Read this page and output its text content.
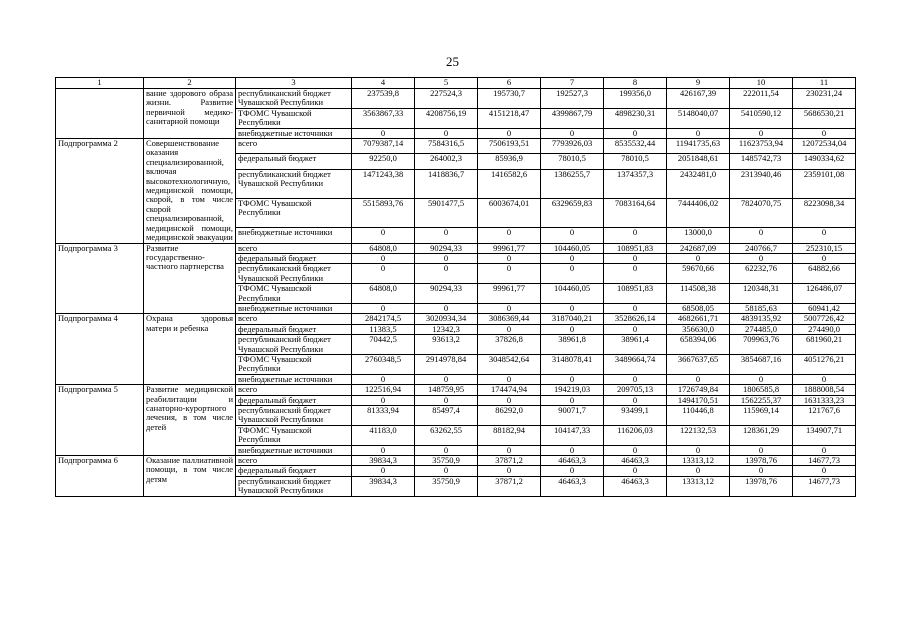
25
1	2	3	4	5	6	7	8	9	10	11
	вание здорового образа жизни. Развитие первичной медико-санитарной помощи	республиканский бюджет Чувашской Республики	237539,8	227524,3	195730,7	192527,3	199356,0	426167,39	222011,54	230231,24
		ТФОМС Чувашской Республики	3563867,33	4208756,19	4151218,47	4399867,79	4898230,31	5148040,07	5410590,12	5686530,21
		внебюджетные источники	0	0	0	0	0	0	0	0
Подпрограмма 2	Совершенствование оказания специализированной, включая высокотехнологичную, медицинской помощи, скорой, в том числе скорой специализированной, медицинской помощи, медицинской эвакуации	всего	7079387,14	7584316,5	7506193,51	7793926,03	8535532,44	11941735,63	11623753,94	12072534,04
		федеральный бюджет	92250,0	264002,3	85936,9	78010,5	78010,5	2051848,61	1485742,73	1490334,62
		республиканский бюджет Чувашской Республики	1471243,38	1418836,7	1416582,6	1386255,7	1374357,3	2432481,0	2313940,46	2359101,08
		ТФОМС Чувашской Республики	5515893,76	5901477,5	6003674,01	6329659,83	7083164,64	7444406,02	7824070,75	8223098,34
		внебюджетные источники	0	0	0	0	0	13000,0	0	0
Подпрограмма 3	Развитие государственно-частного партнерства	всего	64808,0	90294,33	99961,77	104460,05	108951,83	242687,09	240766,7	252310,15
		федеральный бюджет	0	0	0	0	0	0	0	0
		республиканский бюджет Чувашской Республики	0	0	0	0	0	59670,66	62232,76	64882,66
		ТФОМС Чувашской Республики	64808,0	90294,33	99961,77	104460,05	108951,83	114508,38	120348,31	126486,07
		внебюджетные источники	0	0	0	0	0	68508,05	58185,63	60941,42
Подпрограмма 4	Охрана здоровья матери и ребенка	всего	2842174,5	3020934,34	3086369,44	3187040,21	3528626,14	4682661,71	4839135,92	5007726,42
		федеральный бюджет	11383,5	12342,3	0	0	0	356630,0	274485,0	274490,0
		республиканский бюджет Чувашской Республики	70442,5	93613,2	37826,8	38961,8	38961,4	658394,06	709963,76	681960,21
		ТФОМС Чувашской Республики	2760348,5	2914978,84	3048542,64	3148078,41	3489664,74	3667637,65	3854687,16	4051276,21
		внебюджетные источники	0	0	0	0	0	0	0	0
Подпрограмма 5	Развитие медицинской реабилитации и санаторно-курортного лечения, в том числе детей	всего	122516,94	148759,95	174474,94	194219,03	209705,13	1726749,84	1806585,8	1888008,54
		федеральный бюджет	0	0	0	0	0	1494170,51	1562255,37	1631333,23
		республиканский бюджет Чувашской Республики	81333,94	85497,4	86292,0	90071,7	93499,1	110446,8	115969,14	121767,6
		ТФОМС Чувашской Республики	41183,0	63262,55	88182,94	104147,33	116206,03	122132,53	128361,29	134907,71
		внебюджетные источники	0	0	0	0	0	0	0	0
Подпрограмма 6	Оказание паллиативной помощи, в том числе детям	всего	39834,3	35750,9	37871,2	46463,3	46463,3	13313,12	13978,76	14677,73
		федеральный бюджет	0	0	0	0	0	0	0	0
		республиканский бюджет Чувашской Республики	39834,3	35750,9	37871,2	46463,3	46463,3	13313,12	13978,76	14677,73
